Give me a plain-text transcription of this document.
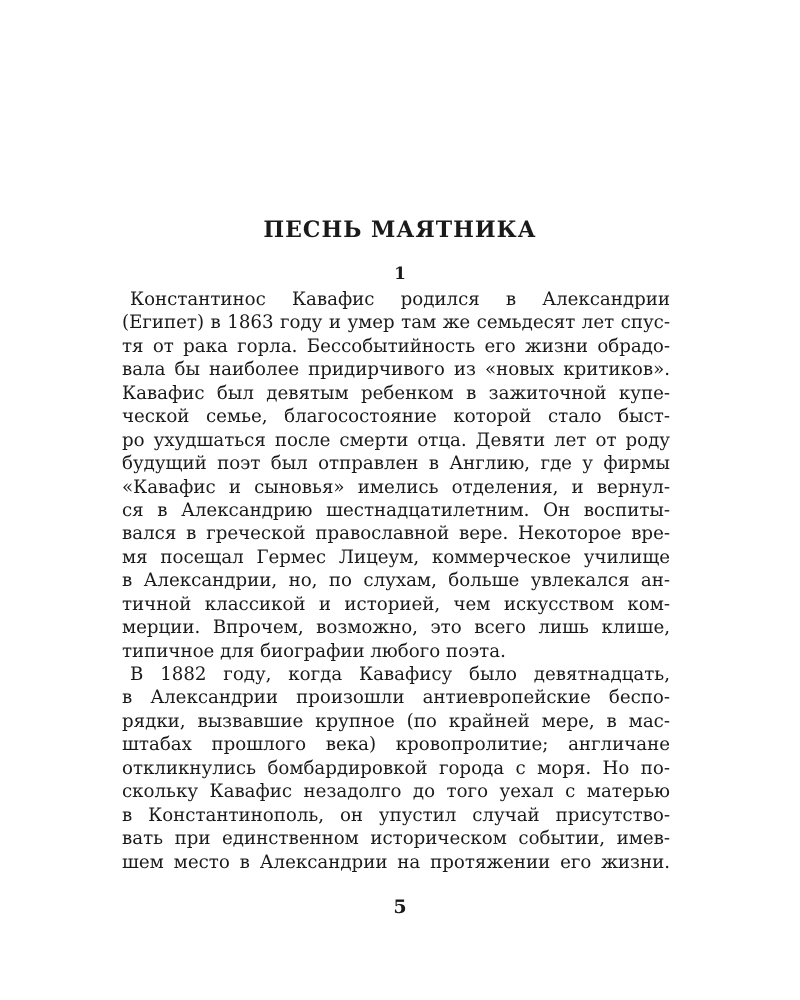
ПЕСНЬ МАЯТНИКА
1
Константинос Кавафис родился в Александрии
(Египет) в 1863 году и умер там же семьдесят лет спус-
тя от рака горла. Бессобытийность его жизни обрадо-
вала бы наиболее придирчивого из «новых критиков».
Кавафис был девятым ребенком в зажиточной купе-
ческой семье, благосостояние которой стало быст-
ро ухудшаться после смерти отца. Девяти лет от роду
будущий поэт был отправлен в Англию, где у фирмы
«Кавафис и сыновья» имелись отделения, и вернул-
ся в Александрию шестнадцатилетним. Он воспиты-
вался в греческой православной вере. Некоторое вре-
мя посещал Гермес Лицеум, коммерческое училище
в Александрии, но, по слухам, больше увлекался ан-
тичной классикой и историей, чем искусством ком-
мерции. Впрочем, возможно, это всего лишь клише,
типичное для биографии любого поэта.
В 1882 году, когда Кавафису было девятнадцать,
в Александрии произошли антиевропейские беспо-
рядки, вызвавшие крупное (по крайней мере, в мас-
штабах прошлого века) кровопролитие; англичане
откликнулись бомбардировкой города с моря. Но по-
скольку Кавафис незадолго до того уехал с матерью
в Константинополь, он упустил случай присутство-
вать при единственном историческом событии, имев-
шем место в Александрии на протяжении его жизни.
5
